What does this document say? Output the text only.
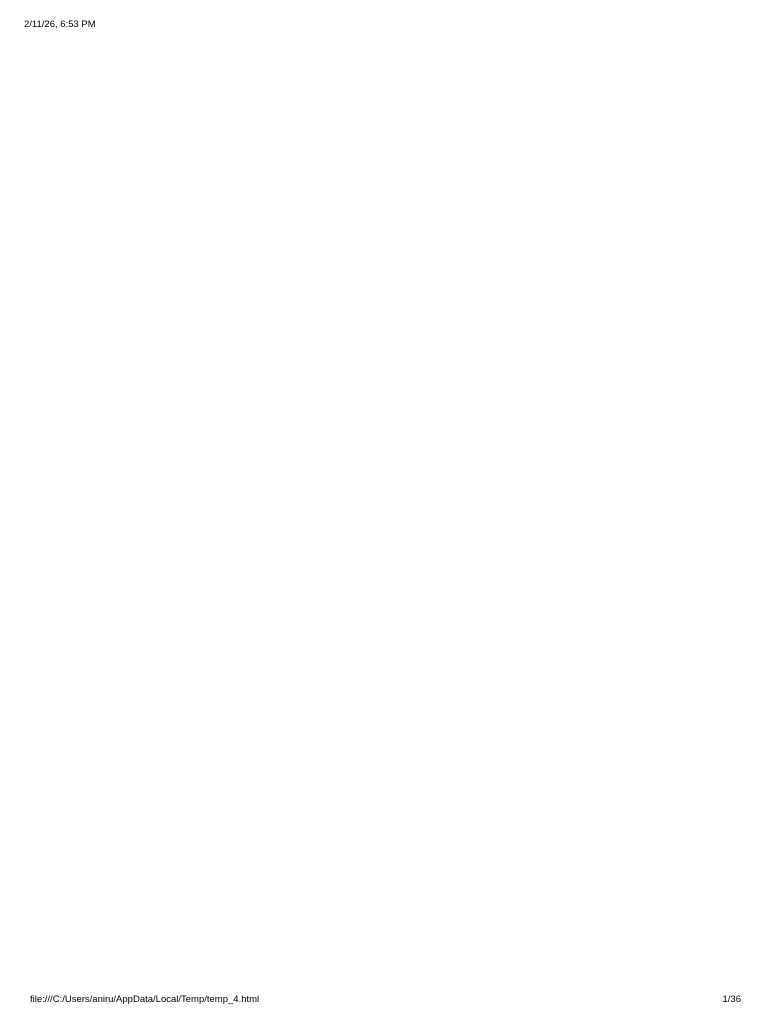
2/11/26, 6:53 PM

file:///C:/Users/aniru/AppData/Local/Temp/temp_4.html	1/36
